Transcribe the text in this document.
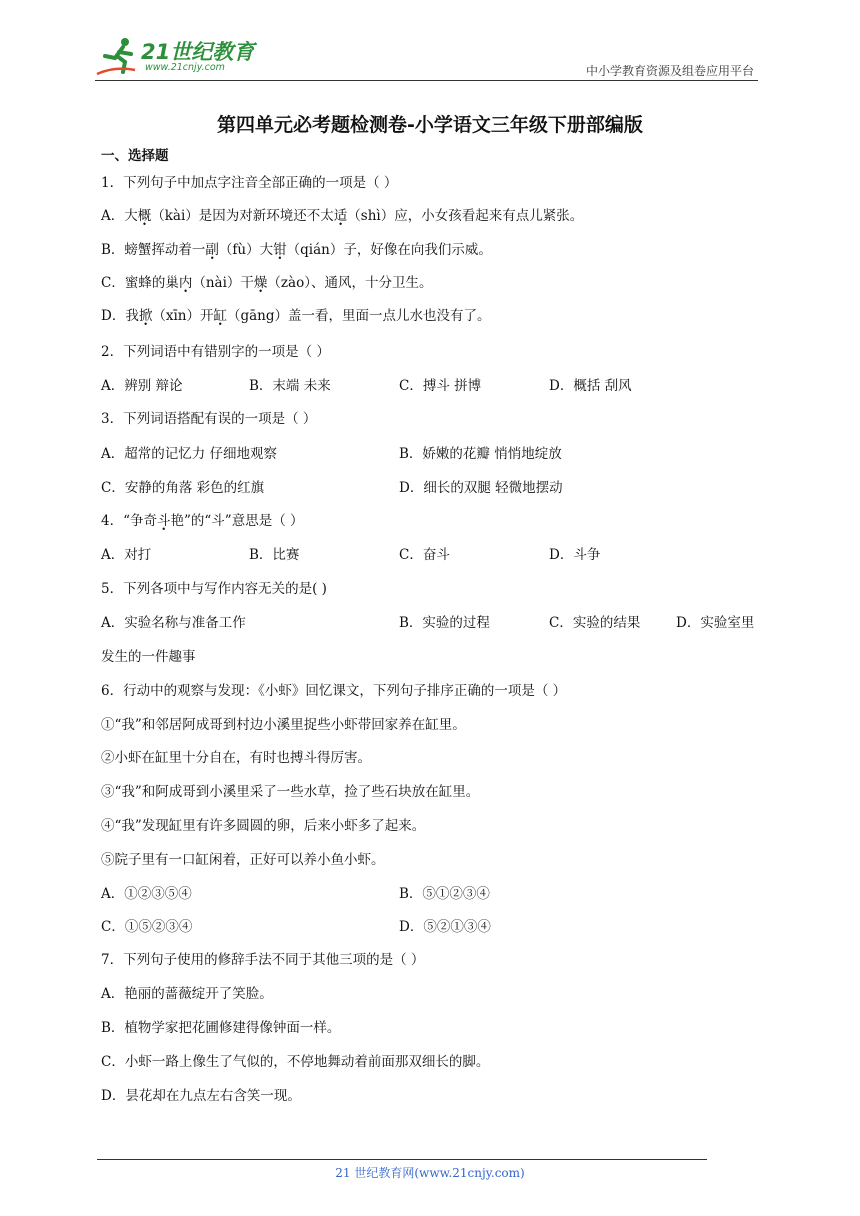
21世纪教育
www.21cnjy.com	中小学教育资源及组卷应用平台
第四单元必考题检测卷-小学语文三年级下册部编版
一、选择题
1．下列句子中加点字注音全部正确的一项是（ ）
A．大概（kài）是因为对新环境还不太适（shì）应，小女孩看起来有点儿紧张。
B．螃蟹挥动着一副（fù）大钳（qián）子，好像在向我们示威。
C．蜜蜂的巢内（nài）干燥（zào）、通风，十分卫生。
D．我掀（xīn）开缸（gāng）盖一看，里面一点儿水也没有了。
2．下列词语中有错别字的一项是（ ）
A．辨别 辩论	B．末端 未来	C．搏斗 拼博	D．概括 刮风
3．下列词语搭配有误的一项是（ ）
A．超常的记忆力 仔细地观察	B．娇嫩的花瓣 悄悄地绽放
C．安静的角落 彩色的红旗	D．细长的双腿 轻微地摆动
4．“争奇斗艳”的“斗”意思是（ ）
A．对打	B．比赛	C．奋斗	D．斗争
5．下列各项中与写作内容无关的是( )
A．实验名称与准备工作	B．实验的过程	C．实验的结果	D．实验室里
发生的一件趣事
6．行动中的观察与发现：《小虾》回忆课文，下列句子排序正确的一项是（ ）
①“我”和邻居阿成哥到村边小溪里捉些小虾带回家养在缸里。
②小虾在缸里十分自在，有时也搏斗得厉害。
③“我”和阿成哥到小溪里采了一些水草，捡了些石块放在缸里。
④“我”发现缸里有许多圆圆的卵，后来小虾多了起来。
⑤院子里有一口缸闲着，正好可以养小鱼小虾。
A．①②③⑤④	B．⑤①②③④
C．①⑤②③④	D．⑤②①③④
7．下列句子使用的修辞手法不同于其他三项的是（ ）
A．艳丽的蔷薇绽开了笑脸。
B．植物学家把花圃修建得像钟面一样。
C．小虾一路上像生了气似的，不停地舞动着前面那双细长的脚。
D．昙花却在九点左右含笑一现。
21 世纪教育网(www.21cnjy.com)
